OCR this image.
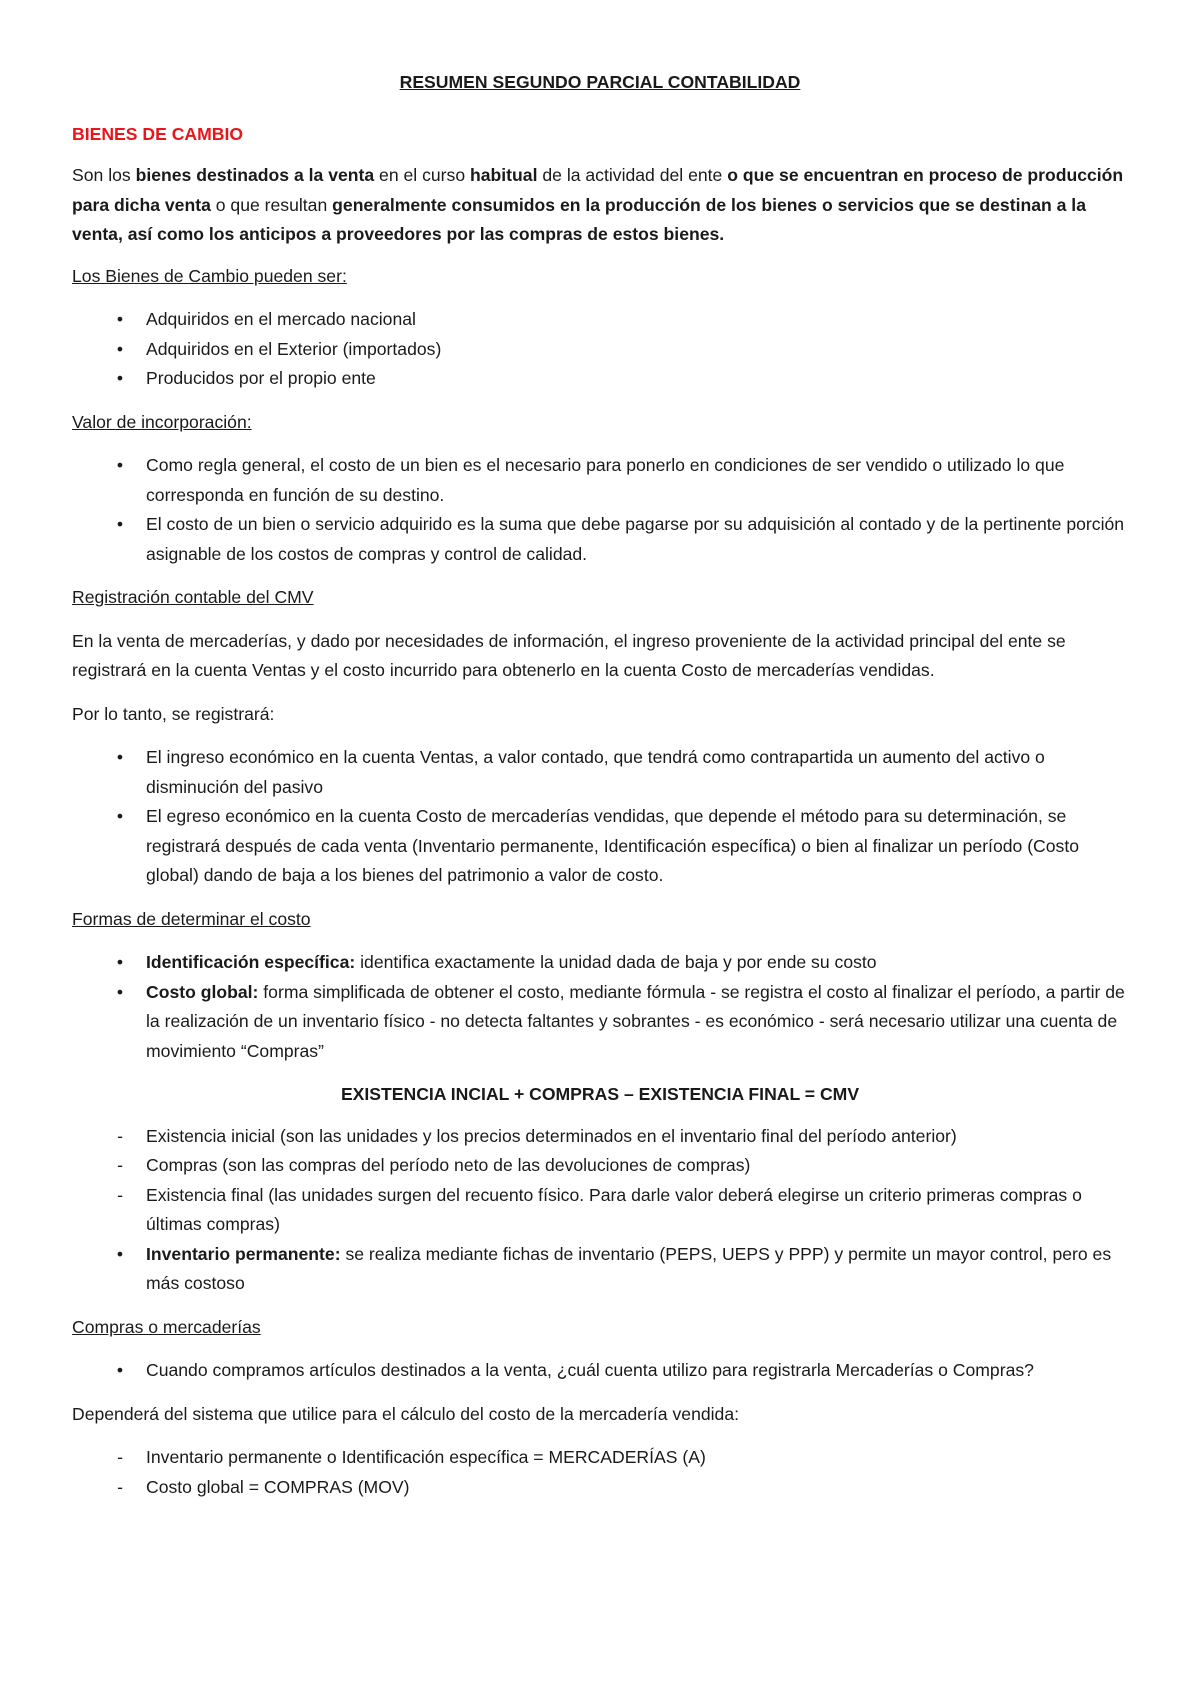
RESUMEN SEGUNDO PARCIAL CONTABILIDAD

BIENES DE CAMBIO

Son los bienes destinados a la venta en el curso habitual de la actividad del ente o que se encuentran en proceso de producción para dicha venta o que resultan generalmente consumidos en la producción de los bienes o servicios que se destinan a la venta, así como los anticipos a proveedores por las compras de estos bienes.

Los Bienes de Cambio pueden ser:

•	Adquiridos en el mercado nacional
•	Adquiridos en el Exterior (importados)
•	Producidos por el propio ente

Valor de incorporación:

•	Como regla general, el costo de un bien es el necesario para ponerlo en condiciones de ser vendido o utilizado lo que corresponda en función de su destino.
•	El costo de un bien o servicio adquirido es la suma que debe pagarse por su adquisición al contado y de la pertinente porción asignable de los costos de compras y control de calidad.

Registración contable del CMV

En la venta de mercaderías, y dado por necesidades de información, el ingreso proveniente de la actividad principal del ente se registrará en la cuenta Ventas y el costo incurrido para obtenerlo en la cuenta Costo de mercaderías vendidas.

Por lo tanto, se registrará:

•	El ingreso económico en la cuenta Ventas, a valor contado, que tendrá como contrapartida un aumento del activo o disminución del pasivo
•	El egreso económico en la cuenta Costo de mercaderías vendidas, que depende el método para su determinación, se registrará después de cada venta (Inventario permanente, Identificación específica) o bien al finalizar un período (Costo global) dando de baja a los bienes del patrimonio a valor de costo.

Formas de determinar el costo

•	Identificación específica: identifica exactamente la unidad dada de baja y por ende su costo
•	Costo global: forma simplificada de obtener el costo, mediante fórmula - se registra el costo al finalizar el período, a partir de la realización de un inventario físico - no detecta faltantes y sobrantes - es económico - será necesario utilizar una cuenta de movimiento “Compras”

EXISTENCIA INCIAL + COMPRAS – EXISTENCIA FINAL = CMV

-	Existencia inicial (son las unidades y los precios determinados en el inventario final del período anterior)
-	Compras (son las compras del período neto de las devoluciones de compras)
-	Existencia final (las unidades surgen del recuento físico. Para darle valor deberá elegirse un criterio primeras compras o últimas compras)
•	Inventario permanente: se realiza mediante fichas de inventario (PEPS, UEPS y PPP) y permite un mayor control, pero es más costoso

Compras o mercaderías

•	Cuando compramos artículos destinados a la venta, ¿cuál cuenta utilizo para registrarla Mercaderías o Compras?

Dependerá del sistema que utilice para el cálculo del costo de la mercadería vendida:

-	Inventario permanente o Identificación específica = MERCADERÍAS (A)
-	Costo global = COMPRAS (MOV)
